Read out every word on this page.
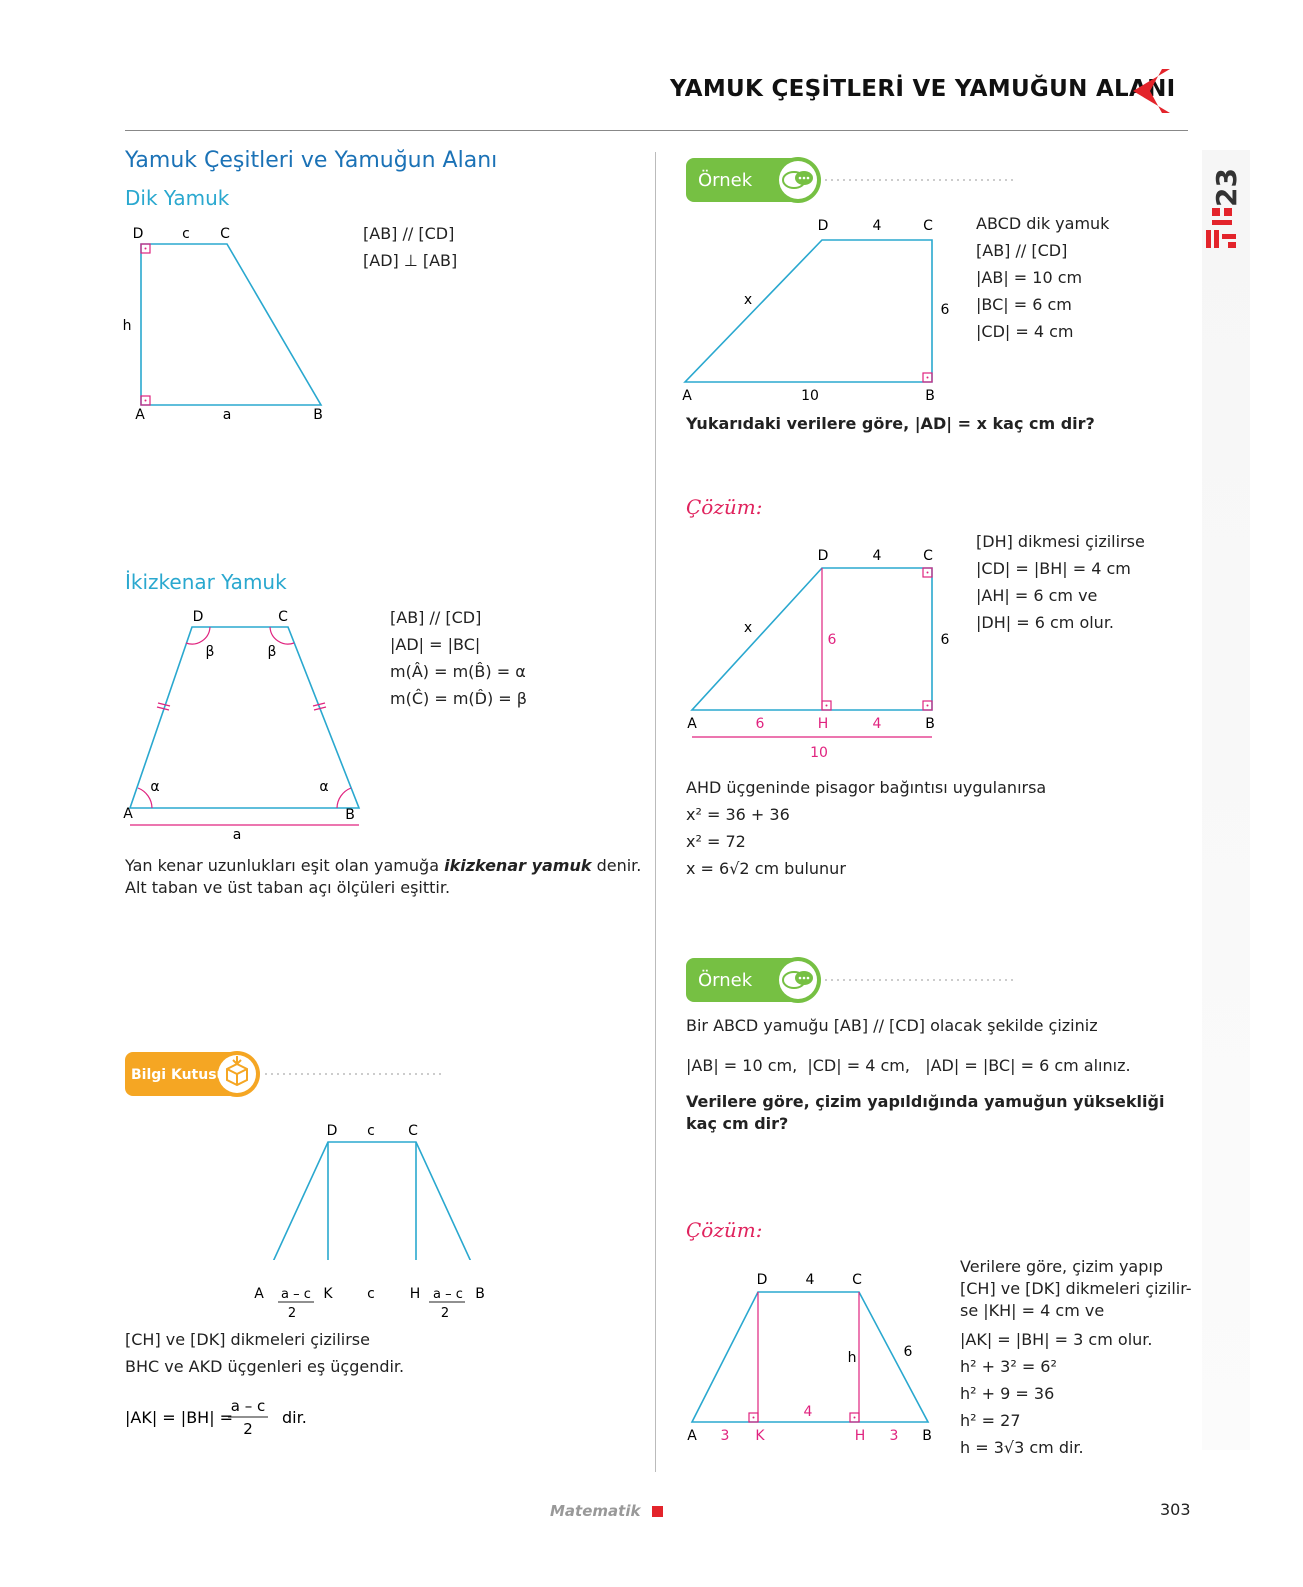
YAMUK ÇEŞİTLERİ VE YAMUĞUN ALANI
23
Yamuk Çeşitleri ve Yamuğun Alanı
Dik Yamuk
D	c C
h
A	a	B

[AB] // [CD]

[AD] ⊥ [AB]

İkizkenar Yamuk
D	C
β	β
α	α
A	B
a

[AB] // [CD]

|AD| = |BC|

m(Â) = m(B̂) = α

m(Ĉ) = m(D̂) = β

Yan kenar uzunlukları eşit olan yamuğa ikizkenar yamuk denir.

Alt taban ve üst taban açı ölçüleri eşittir.

Bilgi Kutusu
D c C
A a – c
2
K c H a – c
2
B

[CH] ve [DK] dikmeleri çizilirse

BHC ve AKD üçgenleri eş üçgendir.

|AK| = |BH| =
a – c
2
dir.
Örnek
D	4	C
x
6
A	10	B

ABCD dik yamuk

[AB] // [CD]

|AB| = 10 cm

|BC| = 6 cm

|CD| = 4 cm

Yukarıdaki verilere göre, |AD| = x kaç cm dir?
Çözüm:
D	4	C
x
6	6
A	6	H	4	B
10

[DH] dikmesi çizilirse

|CD| = |BH| = 4 cm

|AH| = 6 cm ve

|DH| = 6 cm olur.

AHD üçgeninde pisagor bağıntısı uygulanırsa

x² = 36 + 36

x² = 72

x = 6√2 cm bulunur

Örnek
Bir ABCD yamuğu [AB] // [CD] olacak şekilde çiziniz
|AB| = 10 cm,  |CD| = 4 cm,   |AD| = |BC| = 6 cm alınız.
Verilere göre, çizim yapıldığında yamuğun yüksekliği kaç cm dir?
Çözüm:
D	4	C
h	6
4
A 3 K	H 3 B

Verilere göre, çizim yapıp

[CH] ve [DK] dikmeleri çizilir-

se |KH| = 4 cm ve

|AK| = |BH| = 3 cm olur.

h² + 3² = 6²

h² + 9 = 36

h² = 27

h = 3√3 cm dir.

Matematik	303
